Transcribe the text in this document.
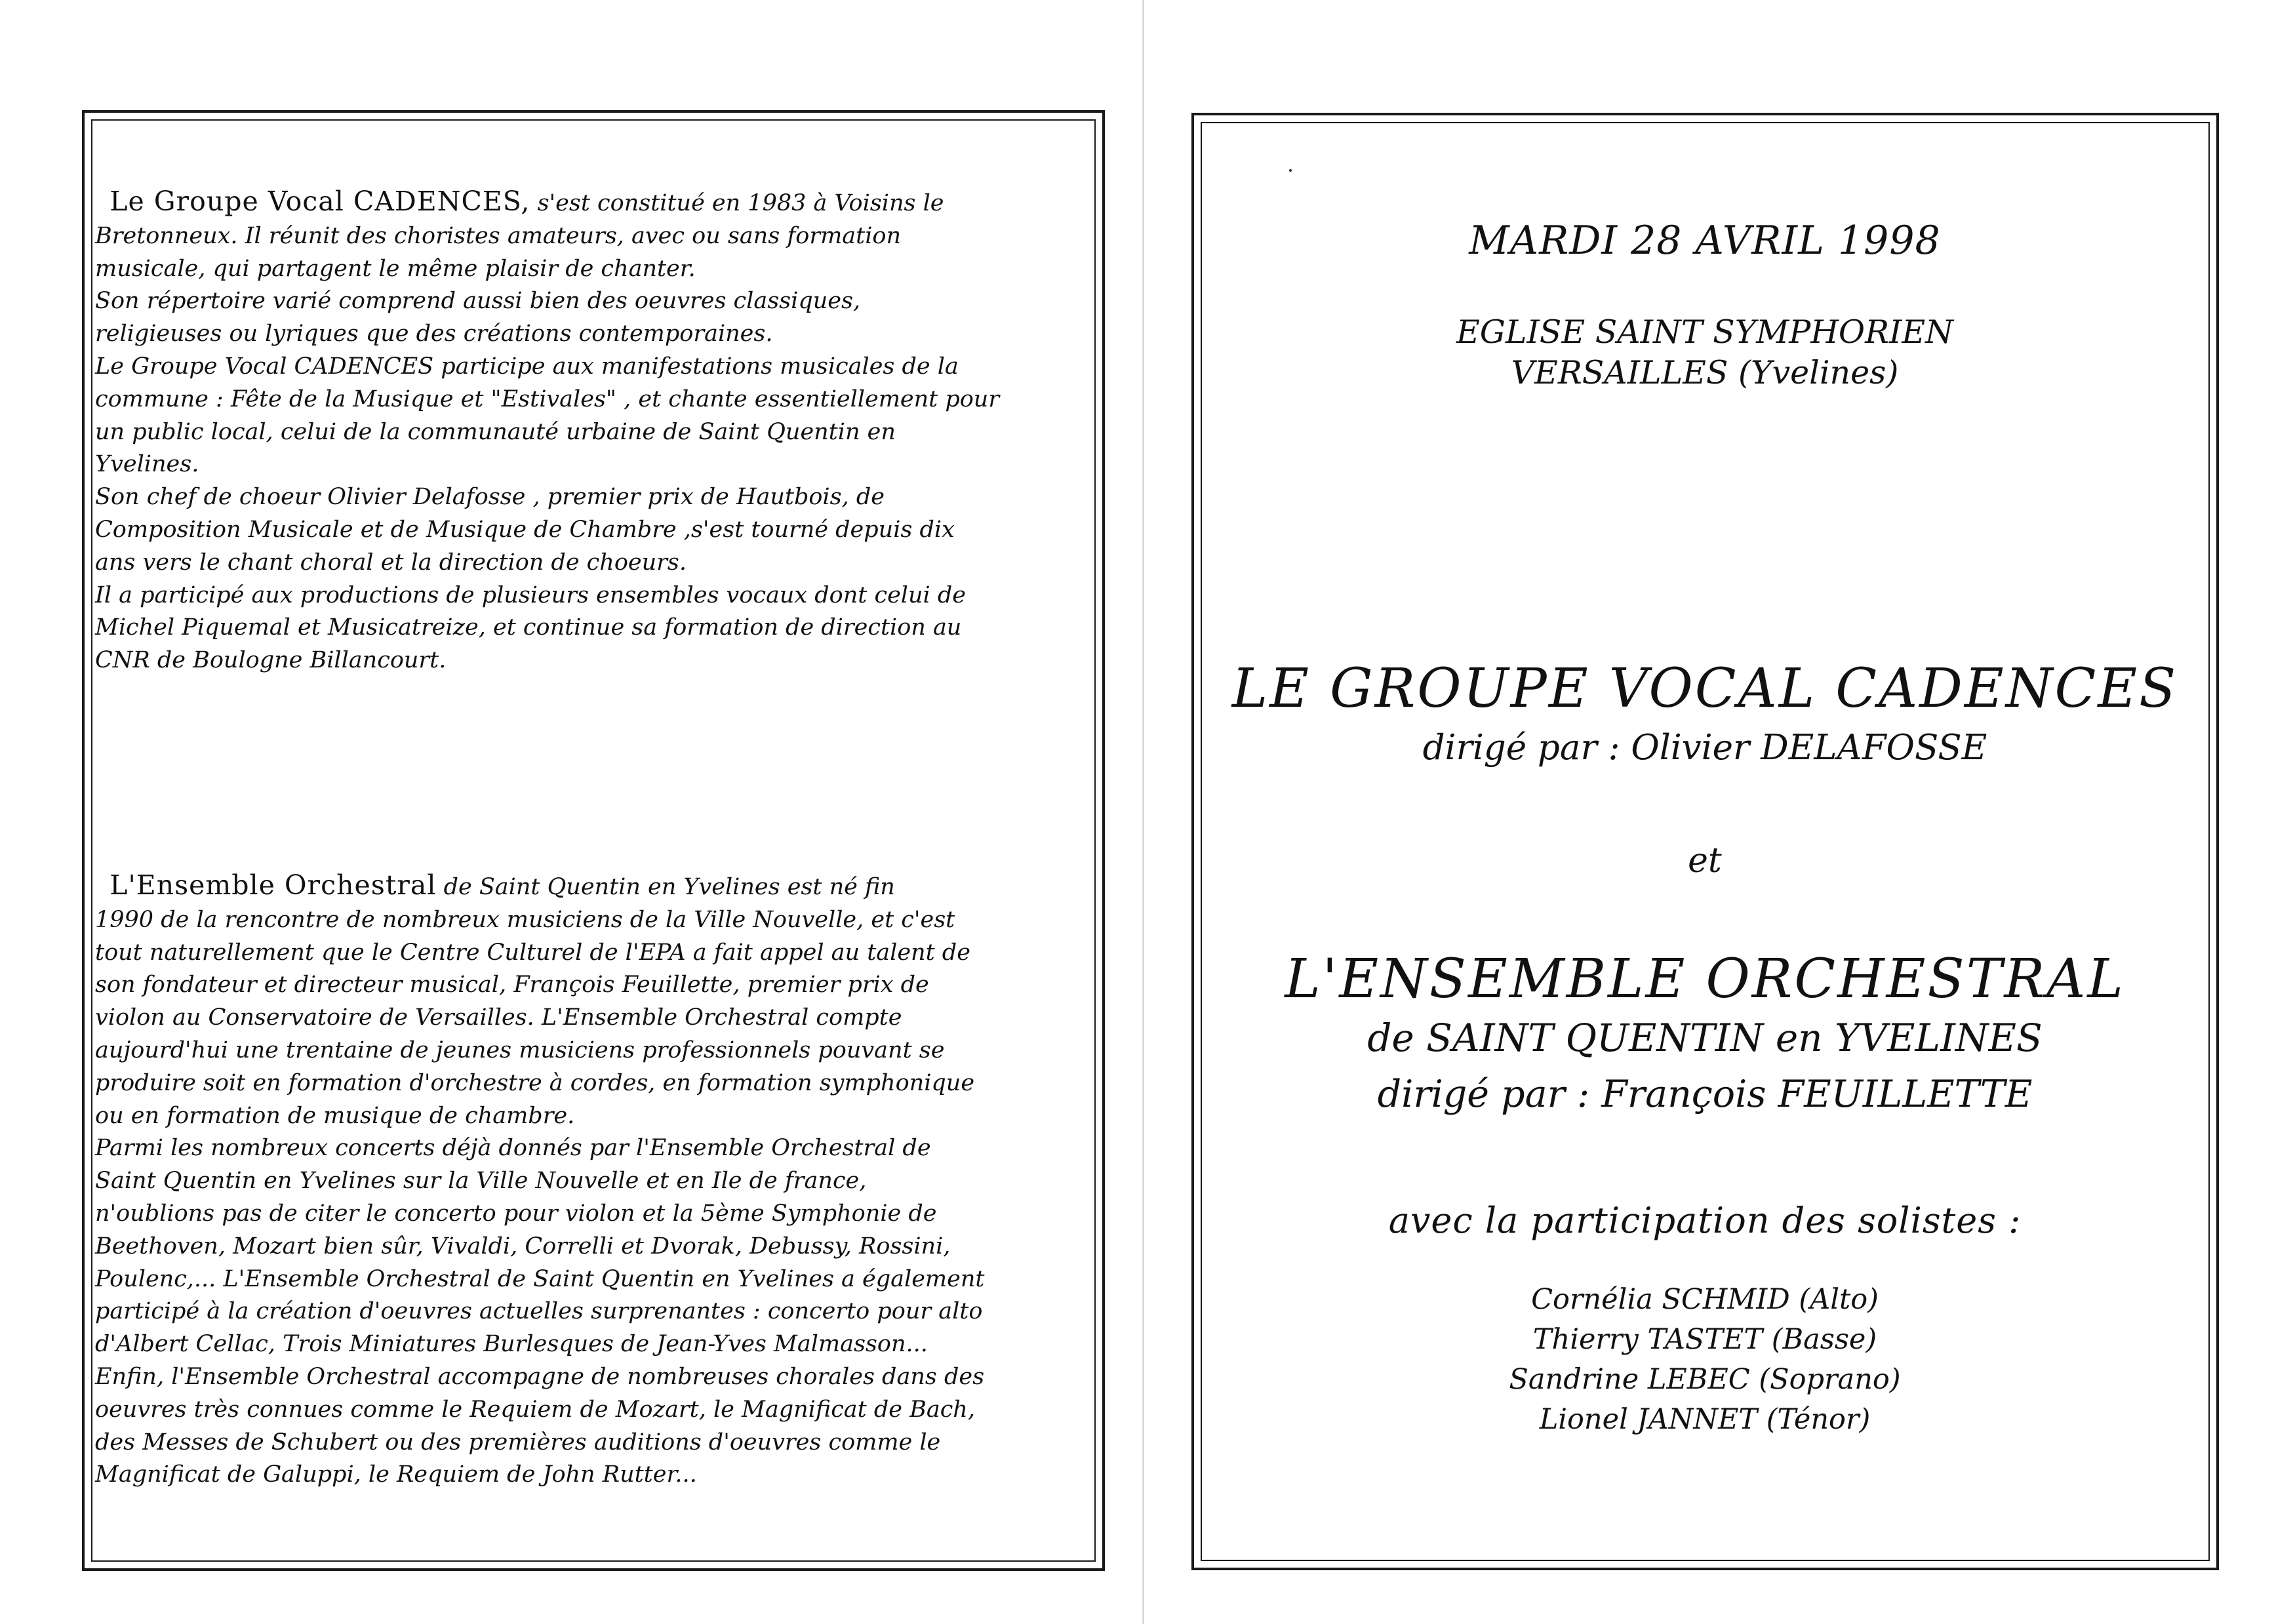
Le Groupe Vocal CADENCES, s'est constitué en 1983 à Voisins le

Bretonneux. Il réunit des choristes amateurs, avec ou sans formation

musicale, qui partagent le même plaisir de chanter.

Son répertoire varié comprend aussi bien des oeuvres classiques,

religieuses ou lyriques que des créations contemporaines.

Le Groupe Vocal CADENCES participe aux manifestations musicales de la

commune : Fête de la Musique et "Estivales" , et chante essentiellement pour

un public local, celui de la communauté urbaine de Saint Quentin en

Yvelines.

Son chef de choeur Olivier Delafosse , premier prix de Hautbois, de

Composition Musicale et de Musique de Chambre ,s'est tourné depuis dix

ans vers le chant choral et la direction de choeurs.

Il a participé aux productions de plusieurs ensembles vocaux dont celui de

Michel Piquemal et Musicatreize, et continue sa formation de direction au

CNR de Boulogne Billancourt.

L'Ensemble Orchestral de Saint Quentin en Yvelines est né fin

1990 de la rencontre de nombreux musiciens de la Ville Nouvelle, et c'est

tout naturellement que le Centre Culturel de l'EPA a fait appel au talent de

son fondateur et directeur musical, François Feuillette, premier prix de

violon au Conservatoire de Versailles. L'Ensemble Orchestral compte

aujourd'hui une trentaine de jeunes musiciens professionnels pouvant se

produire soit en formation d'orchestre à cordes, en formation symphonique

ou en formation de musique de chambre.

Parmi les nombreux concerts déjà donnés par l'Ensemble Orchestral de

Saint Quentin en Yvelines sur la Ville Nouvelle et en Ile de france,

n'oublions pas de citer le concerto pour violon et la 5ème Symphonie de

Beethoven, Mozart bien sûr, Vivaldi, Correlli et Dvorak, Debussy, Rossini,

Poulenc,... L'Ensemble Orchestral de Saint Quentin en Yvelines a également

participé à la création d'oeuvres actuelles surprenantes : concerto pour alto

d'Albert Cellac, Trois Miniatures Burlesques de Jean-Yves Malmasson...

Enfin, l'Ensemble Orchestral accompagne de nombreuses chorales dans des

oeuvres très connues comme le Requiem de Mozart, le Magnificat de Bach,

des Messes de Schubert ou des premières auditions d'oeuvres comme le

Magnificat de Galuppi, le Requiem de John Rutter...

MARDI 28 AVRIL 1998
EGLISE SAINT SYMPHORIEN
VERSAILLES (Yvelines)
LE GROUPE VOCAL CADENCES
dirigé par : Olivier DELAFOSSE
et
L'ENSEMBLE ORCHESTRAL
de SAINT QUENTIN en YVELINES
dirigé par : François FEUILLETTE
avec la participation des solistes :
Cornélia SCHMID (Alto)
Thierry TASTET (Basse)
Sandrine LEBEC (Soprano)
Lionel JANNET (Ténor)
